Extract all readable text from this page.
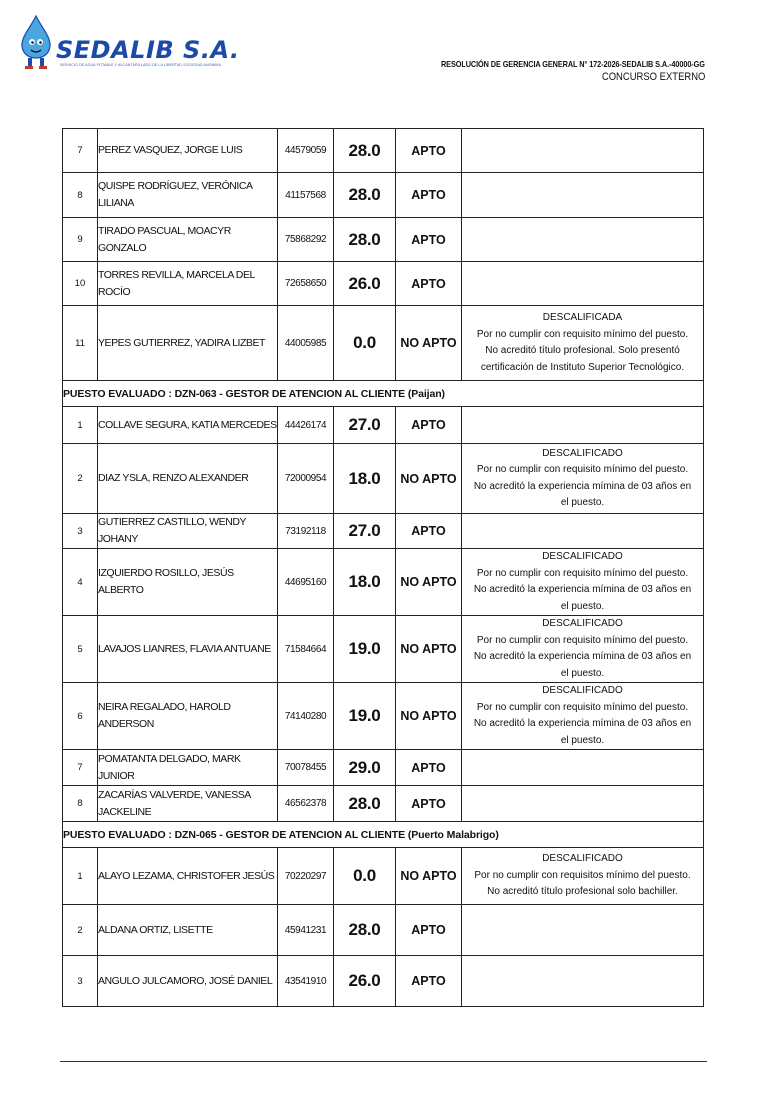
SEDALIB S.A.
SERVICIO DE AGUA POTABLE Y ALCANTARILLADO DE LA LIBERTAD SOCIEDAD ANONIMA	RESOLUCIÓN DE GERENCIA GENERAL N° 172-2026-SEDALIB S.A.-40000-GG
CONCURSO EXTERNO
7	PEREZ VASQUEZ, JORGE LUIS	44579059	28.0	APTO	
8	QUISPE RODRÍGUEZ, VERÓNICA LILIANA	41157568	28.0	APTO	
9	TIRADO PASCUAL, MOACYR GONZALO	75868292	28.0	APTO	
10	TORRES REVILLA, MARCELA DEL ROCÍO	72658650	26.0	APTO	
11	YEPES GUTIERREZ, YADIRA LIZBET	44005985	0.0	NO APTO	DESCALIFICADA
Por no cumplir con requisito mínimo del puesto.
No acreditó título profesional. Solo presentó
certificación de Instituto Superior Tecnológico.

PUESTO EVALUADO : DZN-063 - GESTOR DE ATENCION AL CLIENTE (Paijan)					
1	COLLAVE SEGURA, KATIA MERCEDES	44426174	27.0	APTO	
2	DIAZ YSLA, RENZO ALEXANDER	72000954	18.0	NO APTO	DESCALIFICADO
Por no cumplir con requisito mínimo del puesto.
No acreditó la experiencia mímina de 03 años en
el puesto.

3	GUTIERREZ CASTILLO, WENDY JOHANY	73192118	27.0	APTO	
4	IZQUIERDO ROSILLO, JESÚS ALBERTO	44695160	18.0	NO APTO	DESCALIFICADO
Por no cumplir con requisito mínimo del puesto.
No acreditó la experiencia mímina de 03 años en
el puesto.

5	LAVAJOS LIANRES, FLAVIA ANTUANE	71584664	19.0	NO APTO	DESCALIFICADO
Por no cumplir con requisito mínimo del puesto.
No acreditó la experiencia mímina de 03 años en
el puesto.

6	NEIRA REGALADO, HAROLD ANDERSON	74140280	19.0	NO APTO	DESCALIFICADO
Por no cumplir con requisito mínimo del puesto.
No acreditó la experiencia mímina de 03 años en
el puesto.

7	POMATANTA DELGADO, MARK JUNIOR	70078455	29.0	APTO	
8	ZACARÍAS VALVERDE, VANESSA JACKELINE	46562378	28.0	APTO	
PUESTO EVALUADO : DZN-065 - GESTOR DE ATENCION AL CLIENTE (Puerto Malabrigo)					
1	ALAYO LEZAMA, CHRISTOFER JESÚS	70220297	0.0	NO APTO	DESCALIFICADO
Por no cumplir con requisitos mínimo del puesto.
No acreditó título profesional solo bachiller.

2	ALDANA ORTIZ, LISETTE	45941231	28.0	APTO	
3	ANGULO JULCAMORO, JOSÉ DANIEL	43541910	26.0	APTO	
